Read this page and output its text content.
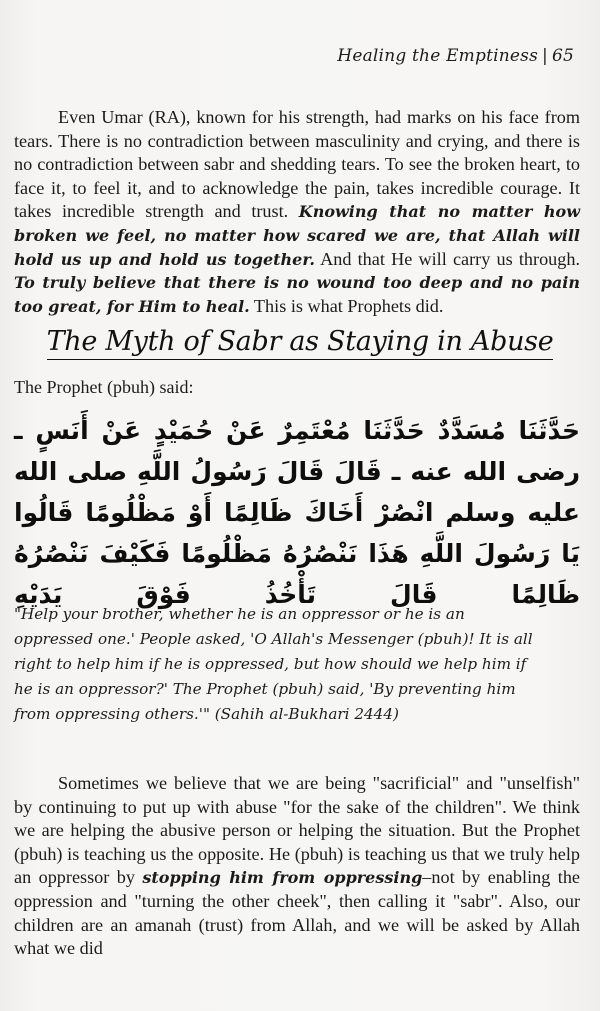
Healing the Emptiness | 65
Even Umar (RA), known for his strength, had marks on his face from tears. There is no contradiction between masculinity and crying, and there is no contradiction between sabr and shedding tears. To see the broken heart, to face it, to feel it, and to acknowledge the pain, takes incredible courage. It takes incredible strength and trust. Knowing that no matter how broken we feel, no matter how scared we are, that Allah will hold us up and hold us together. And that He will carry us through. To truly believe that there is no wound too deep and no pain too great, for Him to heal. This is what Prophets did.
The Myth of Sabr as Staying in Abuse
The Prophet (pbuh) said:
حَدَّثَنَا مُسَدَّدٌ حَدَّثَنَا مُعْتَمِرٌ عَنْ حُمَيْدٍ عَنْ أَنَسٍ ـ رضى الله عنه ـ قَالَ قَالَ رَسُولُ اللَّهِ صلى الله عليه وسلم انْصُرْ أَخَاكَ ظَالِمًا أَوْ مَظْلُومًا قَالُوا يَا رَسُولَ اللَّهِ هَذَا نَنْصُرُهُ مَظْلُومًا فَكَيْفَ نَنْصُرُهُ ظَالِمًا قَالَ تَأْخُذُ فَوْقَ يَدَيْهِ
"Help your brother, whether he is an oppressor or he is an oppressed one.' People asked, 'O Allah's Messenger (pbuh)! It is all right to help him if he is oppressed, but how should we help him if he is an oppressor?' The Prophet (pbuh) said, 'By preventing him from oppressing others.'" (Sahih al-Bukhari 2444)
Sometimes we believe that we are being "sacrificial" and "unselfish" by continuing to put up with abuse "for the sake of the children". We think we are helping the abusive person or helping the situation. But the Prophet (pbuh) is teaching us the opposite. He (pbuh) is teaching us that we truly help an oppressor by stopping him from oppressing–not by enabling the oppression and "turning the other cheek", then calling it "sabr". Also, our children are an amanah (trust) from Allah, and we will be asked by Allah what we did
